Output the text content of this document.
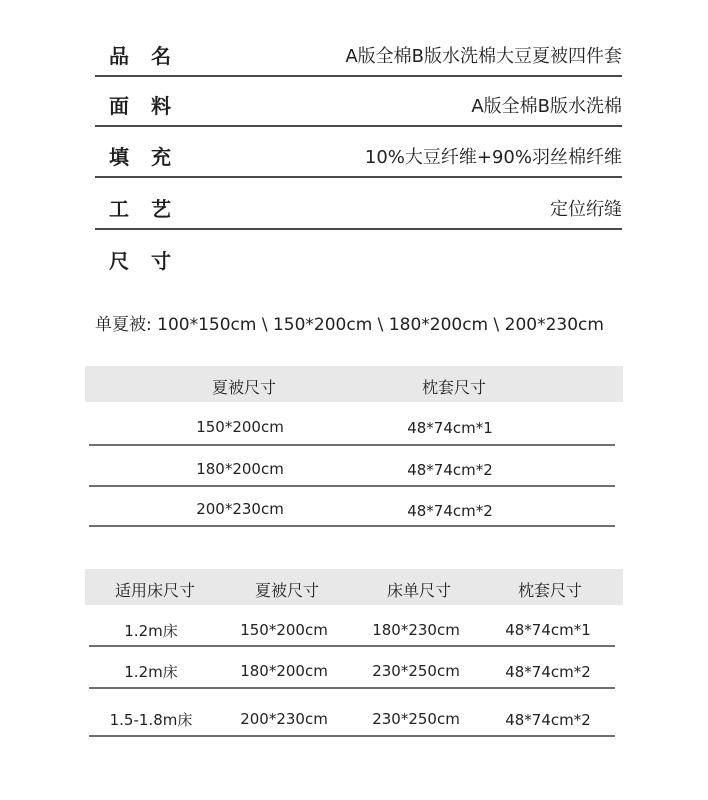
品名	A版全棉B版水洗棉大豆夏被四件套
面料	A版全棉B版水洗棉
填充	10%大豆纤维+90%羽丝棉纤维
工艺	定位绗缝
尺寸
单夏被: 100*150cm \ 150*200cm \ 180*200cm \ 200*230cm
夏被尺寸	枕套尺寸
150*200cm	48*74cm*1
180*200cm	48*74cm*2
200*230cm	48*74cm*2
适用床尺寸	夏被尺寸	床单尺寸	枕套尺寸
1.2m床	150*200cm	180*230cm	48*74cm*1
1.2m床	180*200cm	230*250cm	48*74cm*2
1.5-1.8m床	200*230cm	230*250cm	48*74cm*2
